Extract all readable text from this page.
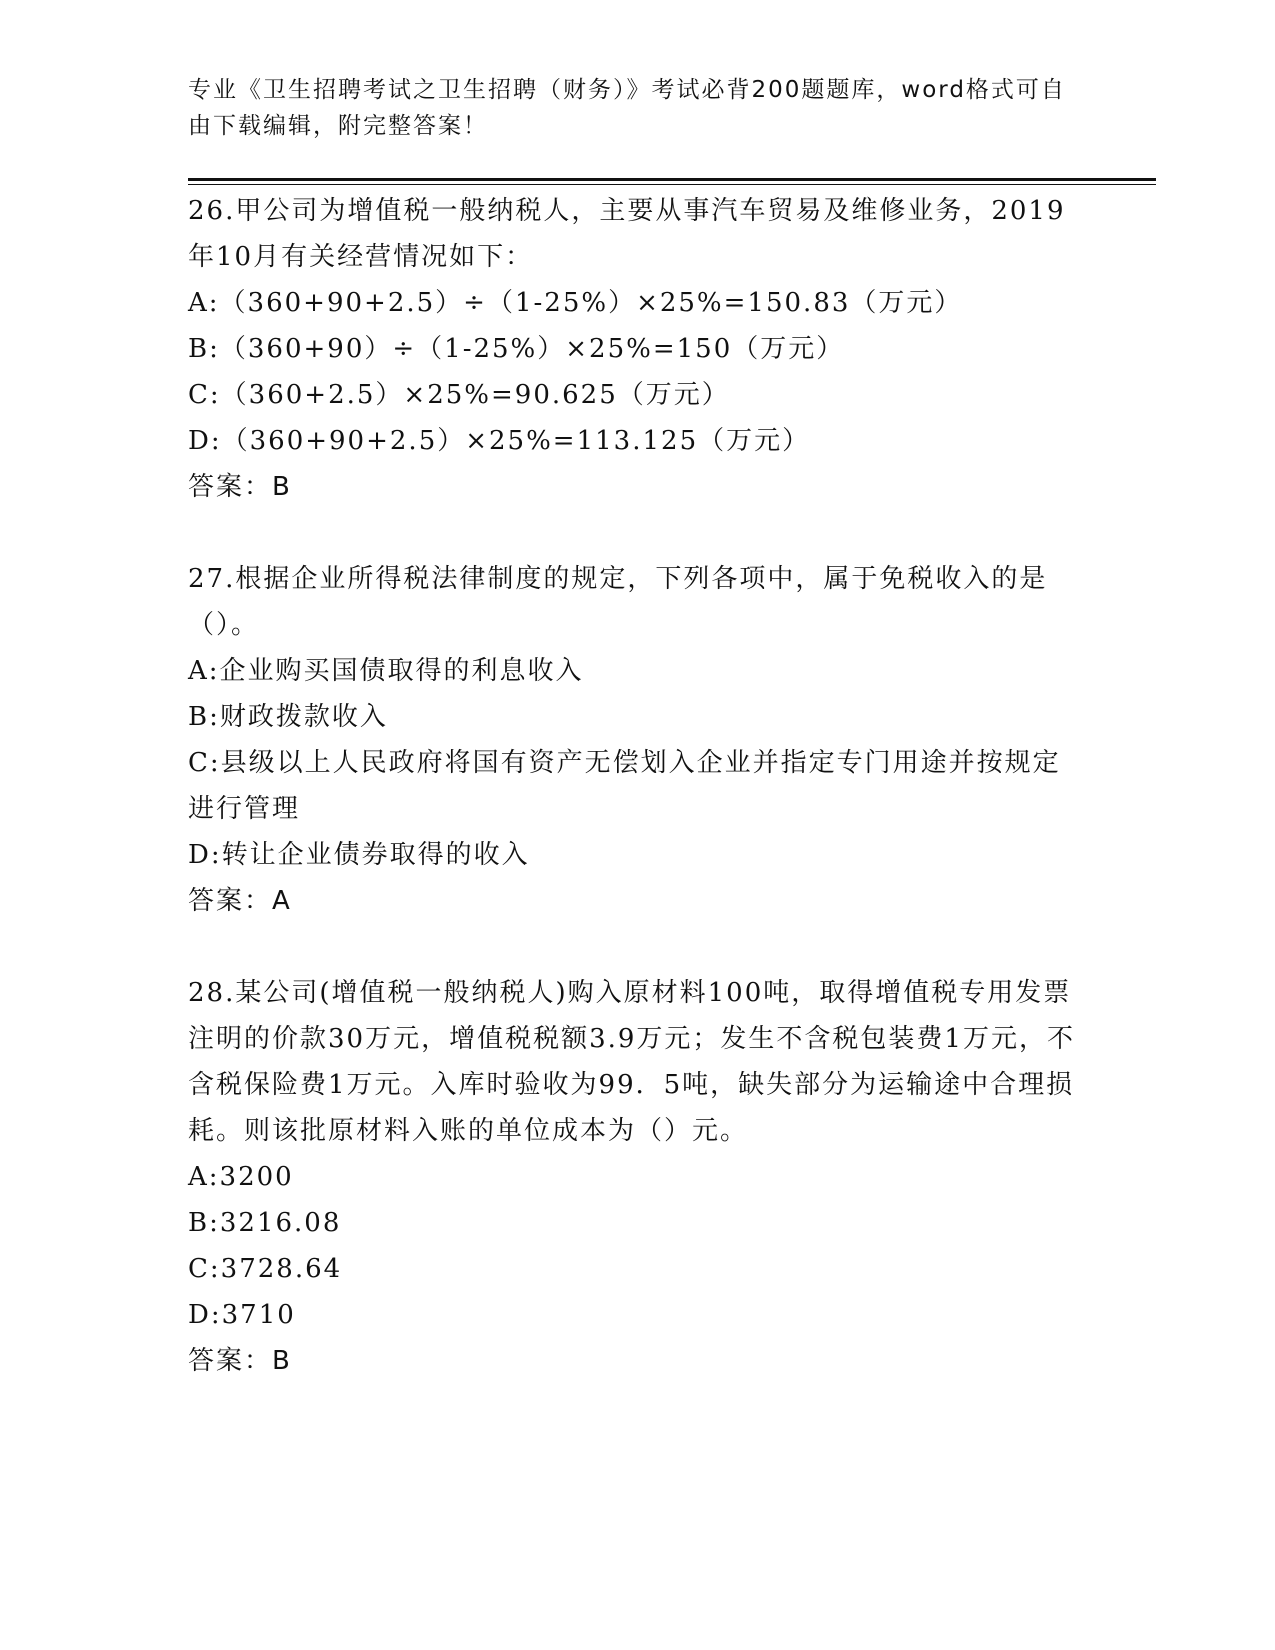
专业《卫生招聘考试之卫生招聘（财务）》考试必背200题题库，word格式可自由下载编辑，附完整答案！

26.甲公司为增值税一般纳税人，主要从事汽车贸易及维修业务，2019年10月有关经营情况如下：

A:（360+90+2.5）÷（1-25%）×25%=150.83（万元）

B:（360+90）÷（1-25%）×25%=150（万元）

C:（360+2.5）×25%=90.625（万元）

D:（360+90+2.5）×25%=113.125（万元）

答案：B

27.根据企业所得税法律制度的规定，下列各项中，属于免税收入的是（）。

A:企业购买国债取得的利息收入

B:财政拨款收入

C:县级以上人民政府将国有资产无偿划入企业并指定专门用途并按规定进行管理

D:转让企业债券取得的收入

答案：A

28.某公司(增值税一般纳税人)购入原材料100吨，取得增值税专用发票注明的价款30万元，增值税税额3.9万元；发生不含税包装费1万元，不含税保险费1万元。入库时验收为99．5吨，缺失部分为运输途中合理损耗。则该批原材料入账的单位成本为（）元。

A:3200

B:3216.08

C:3728.64

D:3710

答案：B
